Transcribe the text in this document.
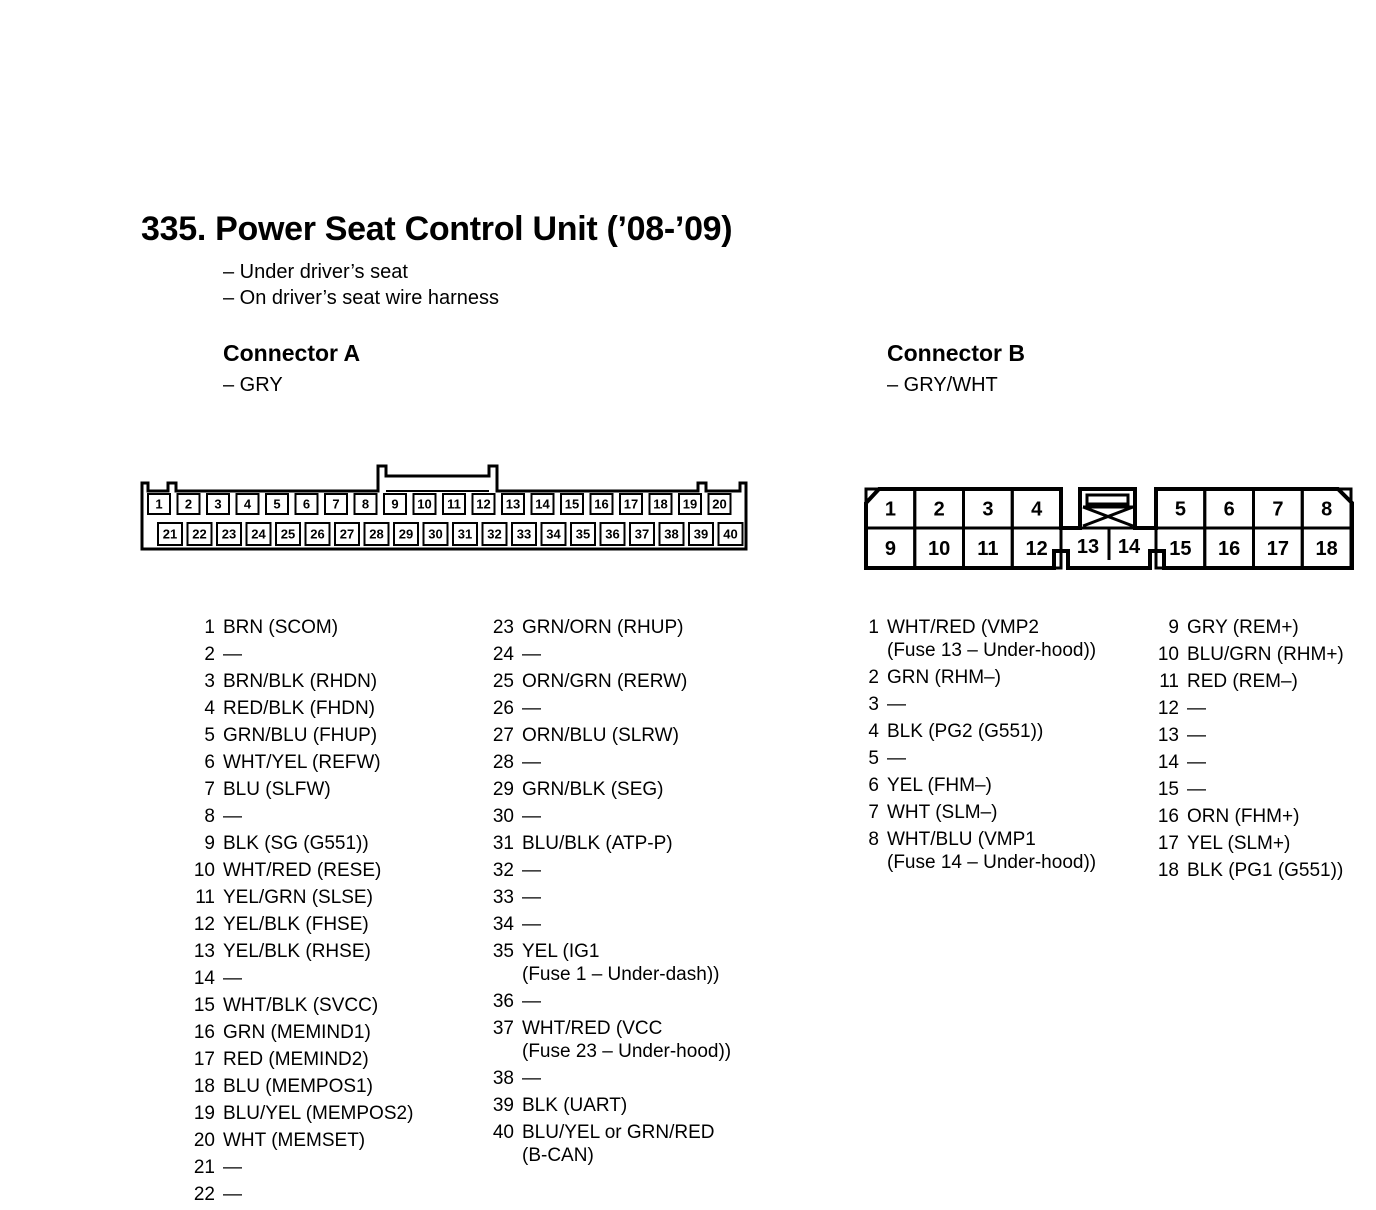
335. Power Seat Control Unit (’08-’09)
– Under driver’s seat
– On driver’s seat wire harness
Connector A
– GRY
Connector B
– GRY/WHT
1 2 3 4 5 6 7 8 9 10 11 12 13 14 15 16 17 18 19 20
21 22 23 24 25 26 27 28 29 30 31 32 33 34 35 36 37 38 39 40
1 2 3 4	5 6 7 8
9 10 11 12	15 16 17 18
13 14
1 BRN (SCOM)
2 —
3 BRN/BLK (RHDN)
4 RED/BLK (FHDN)
5 GRN/BLU (FHUP)
6 WHT/YEL (REFW)
7 BLU (SLFW)
8 —
9 BLK (SG (G551))
10 WHT/RED (RESE)
11 YEL/GRN (SLSE)
12 YEL/BLK (FHSE)
13 YEL/BLK (RHSE)
14 —
15 WHT/BLK (SVCC)
16 GRN (MEMIND1)
17 RED (MEMIND2)
18 BLU (MEMPOS1)
19 BLU/YEL (MEMPOS2)
20 WHT (MEMSET)
21 —
22 —
23 GRN/ORN (RHUP)
24 —
25 ORN/GRN (RERW)
26 —
27 ORN/BLU (SLRW)
28 —
29 GRN/BLK (SEG)
30 —
31 BLU/BLK (ATP-P)
32 —
33 —
34 —
35 YEL (IG1
(Fuse 1 – Under-dash))
36 —
37 WHT/RED (VCC
(Fuse 23 – Under-hood))
38 —
39 BLK (UART)
40 BLU/YEL or GRN/RED
(B-CAN)
1 WHT/RED (VMP2
(Fuse 13 – Under-hood))
2 GRN (RHM–)
3 —
4 BLK (PG2 (G551))
5 —
6 YEL (FHM–)
7 WHT (SLM–)
8 WHT/BLU (VMP1
(Fuse 14 – Under-hood))
9 GRY (REM+)
10 BLU/GRN (RHM+)
11 RED (REM–)
12 —
13 —
14 —
15 —
16 ORN (FHM+)
17 YEL (SLM+)
18 BLK (PG1 (G551))
